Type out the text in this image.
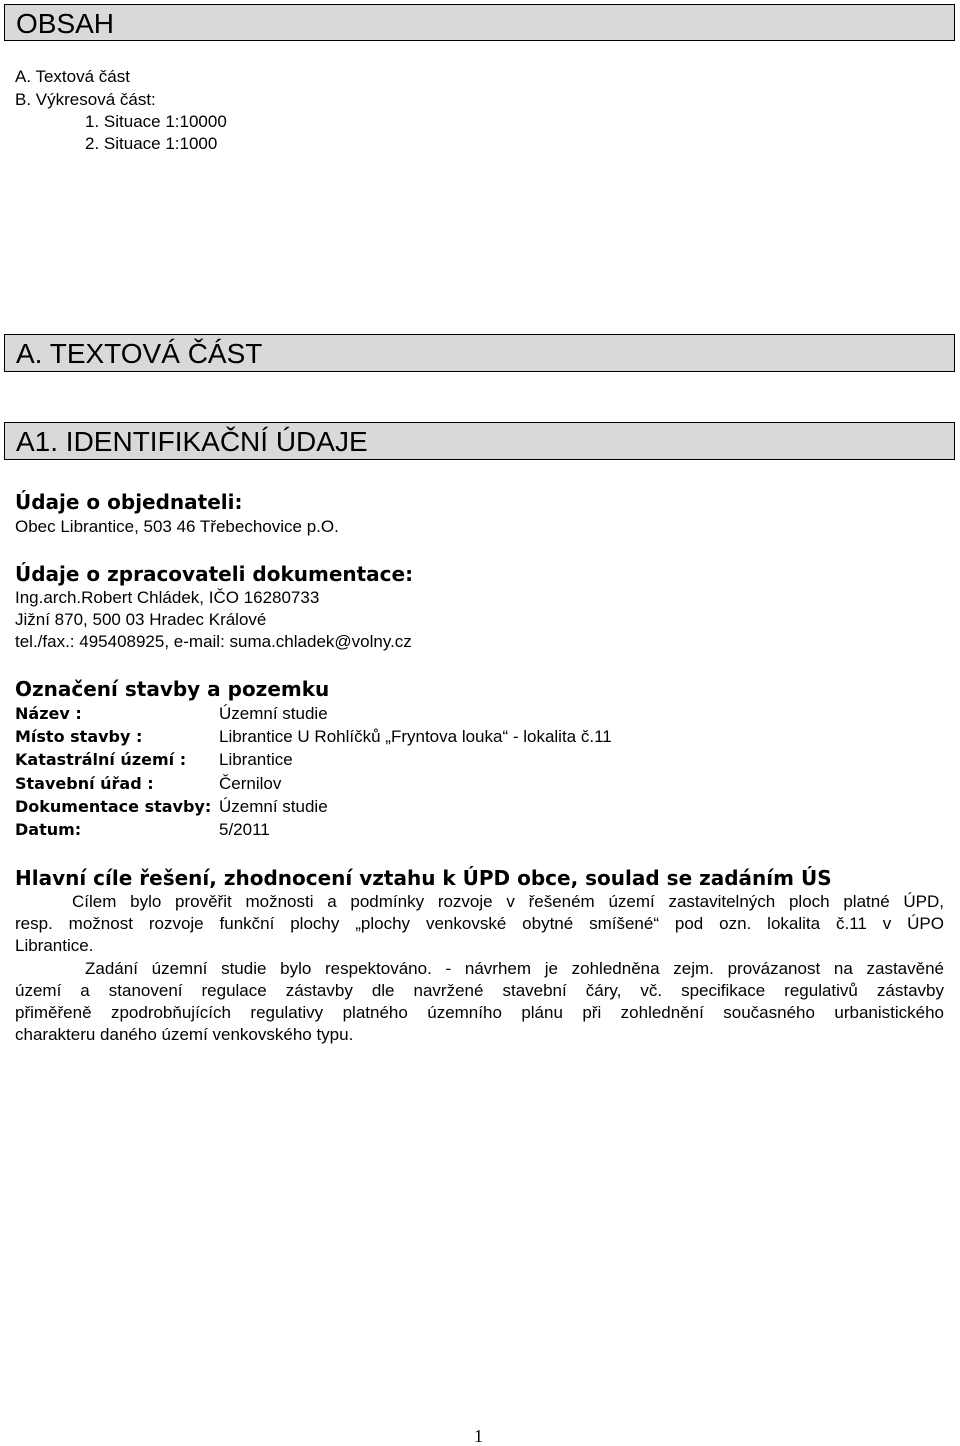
OBSAH
A. Textová část
B. Výkresová část:
1. Situace 1:10000
2. Situace 1:1000
A. TEXTOVÁ ČÁST
A1. IDENTIFIKAČNÍ ÚDAJE
Údaje o objednateli:
Obec Librantice, 503 46 Třebechovice p.O.
Údaje o zpracovateli dokumentace:
Ing.arch.Robert Chládek, IČO 16280733
Jižní 870, 500 03 Hradec Králové
tel./fax.: 495408925, e-mail: suma.chladek@volny.cz
Označení stavby a pozemku
Název :	Územní studie
Místo stavby :	Librantice U Rohlíčků „Fryntova louka“ - lokalita č.11
Katastrální území : Librantice
Stavební úřad :	Černilov
Dokumentace stavby: Územní studie
Datum:	5/2011
Hlavní cíle řešení, zhodnocení vztahu k ÚPD obce, soulad se zadáním ÚS
Cílem bylo prověřit možnosti a podmínky rozvoje v řešeném území zastavitelných ploch platné ÚPD,
resp. možnost rozvoje funkční plochy „plochy venkovské obytné smíšené“ pod ozn. lokalita č.11 v ÚPO
Librantice.
Zadání územní studie bylo respektováno. - návrhem je zohledněna zejm. provázanost na zastavěné
území a stanovení regulace zástavby dle navržené stavební čáry, vč. specifikace regulativů zástavby
přiměřeně zpodrobňujících regulativy platného územního plánu při zohlednění současného urbanistického
charakteru daného území venkovského typu.
1
